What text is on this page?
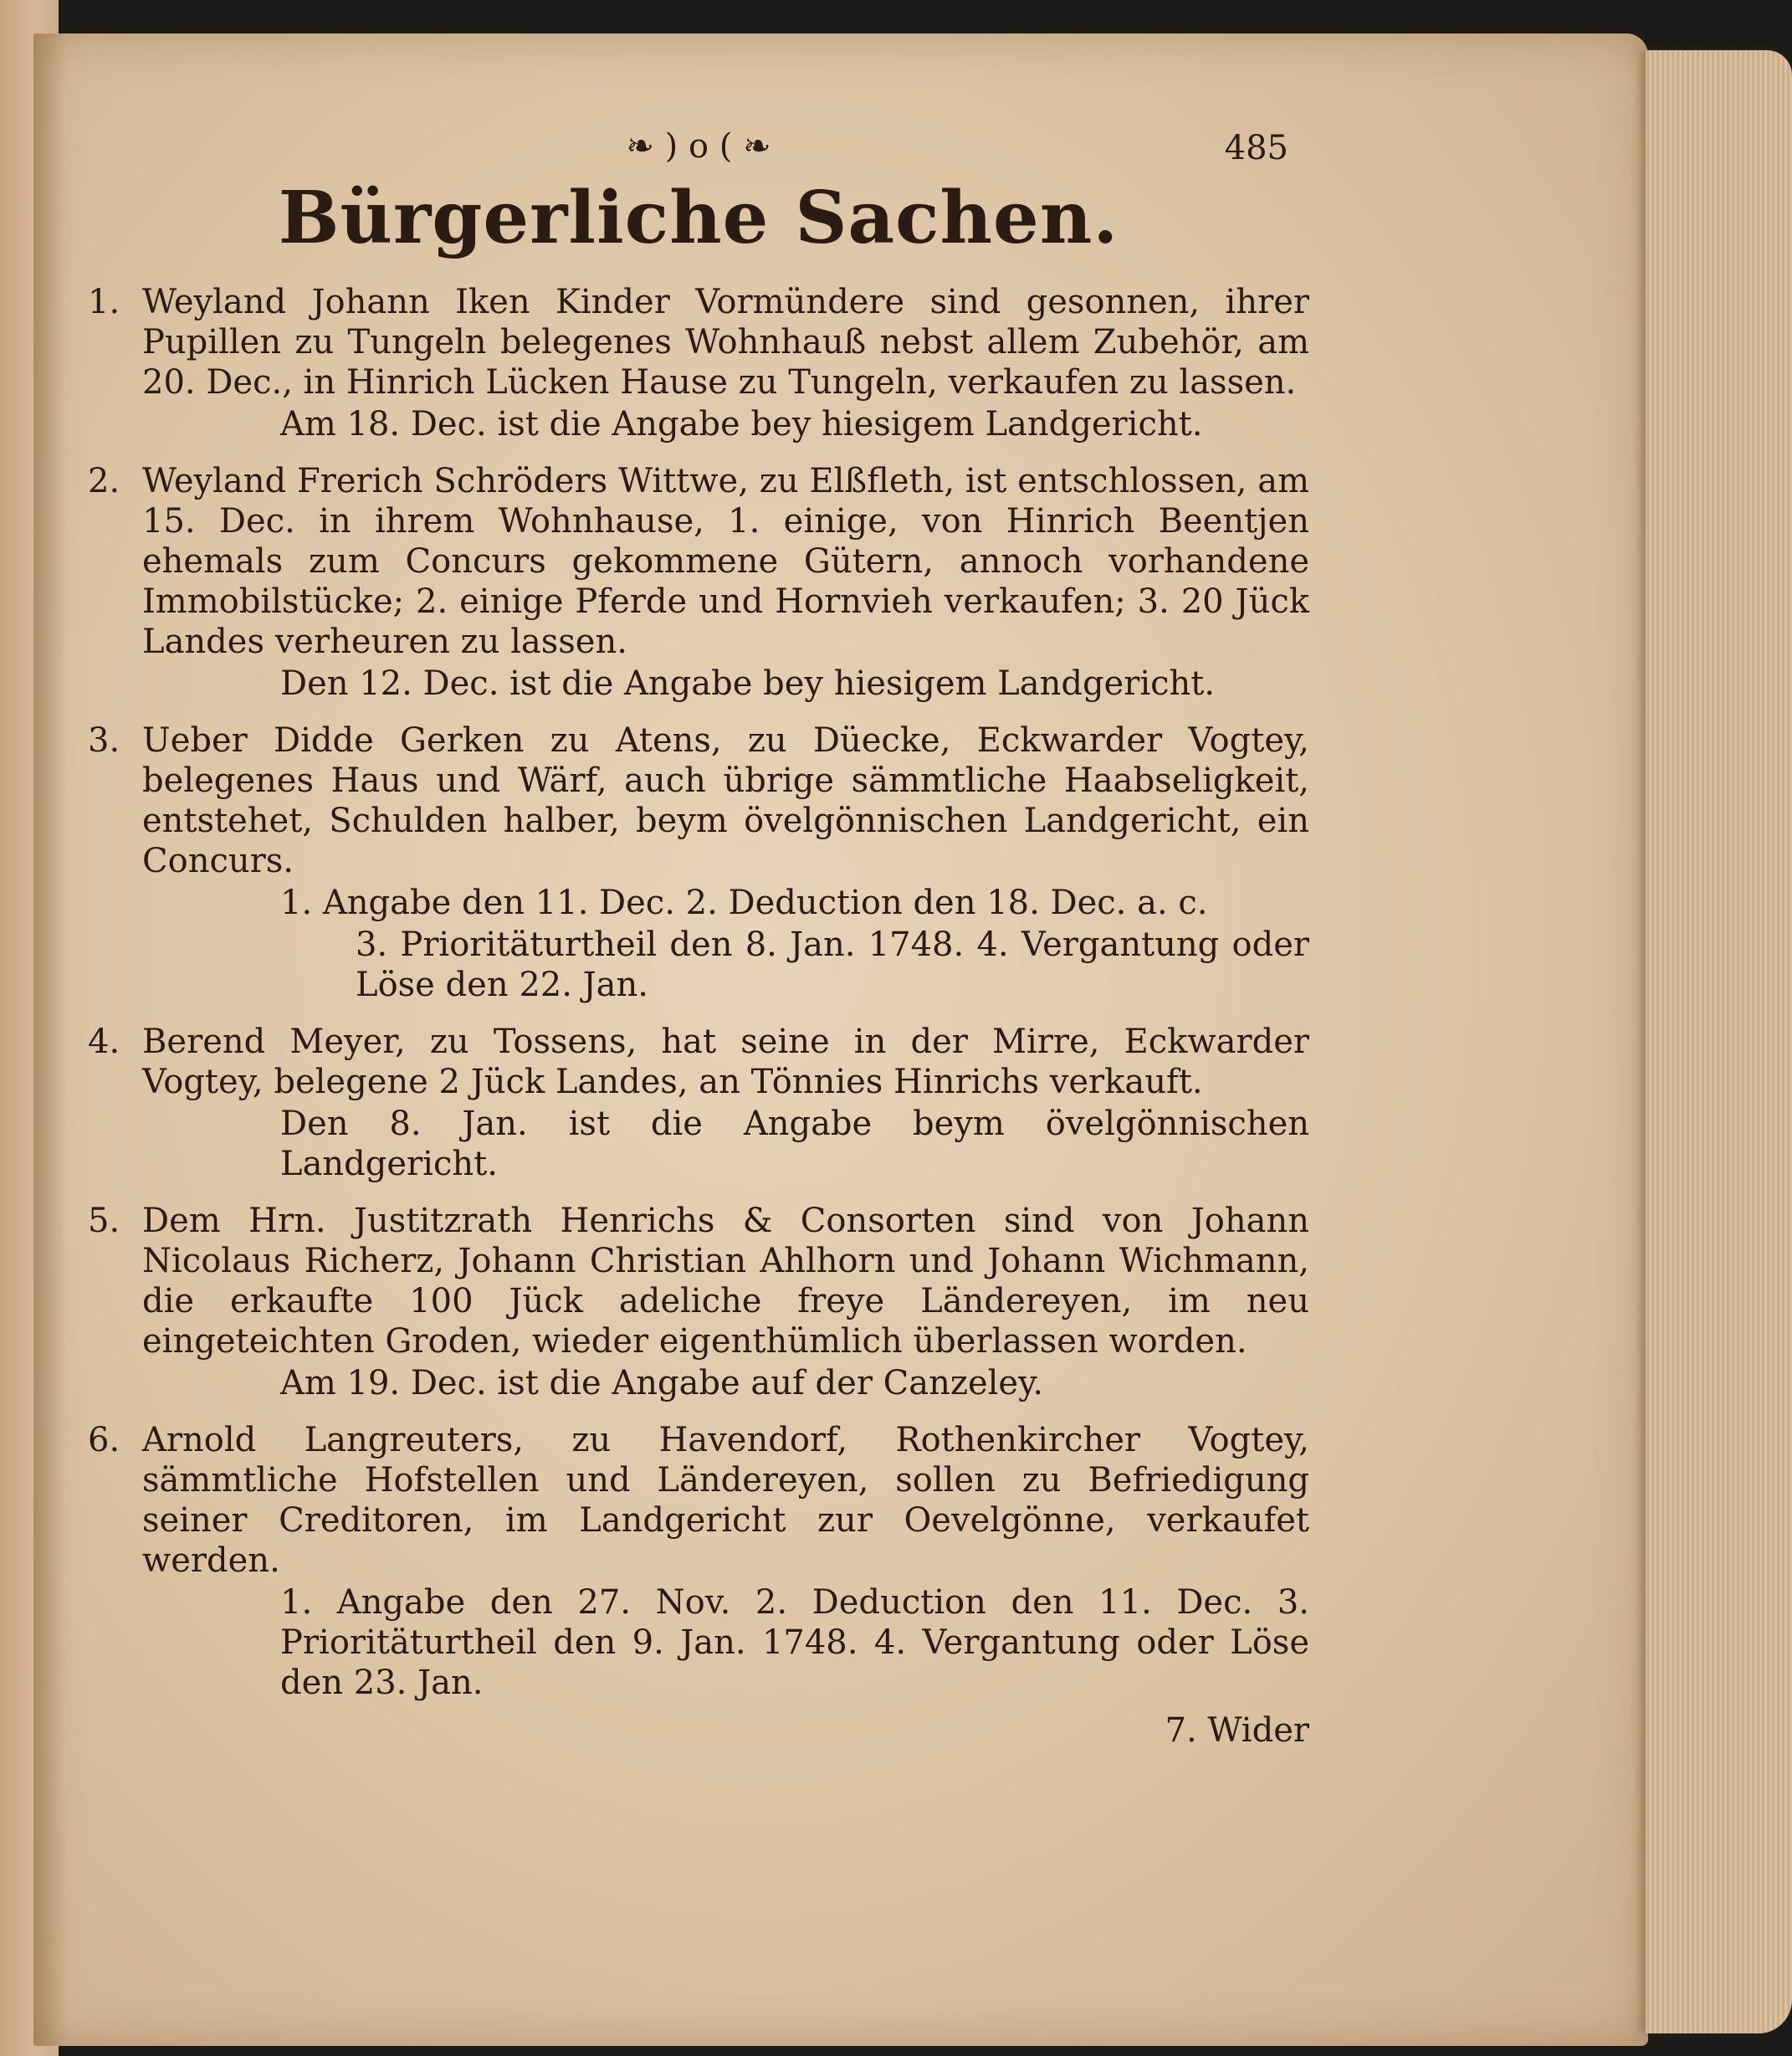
❧ ) o ( ❧	485
Bürgerliche Sachen.
1. Weyland Johann Iken Kinder Vormündere sind gesonnen, ihrer Pupillen zu Tungeln belegenes Wohnhauß nebst allem Zubehör, am 20. Dec., in Hinrich Lücken Hause zu Tungeln, verkaufen zu lassen.
Am 18. Dec. ist die Angabe bey hiesigem Landgericht.
2. Weyland Frerich Schröders Wittwe, zu Elßfleth, ist entschlossen, am 15. Dec. in ihrem Wohnhause, 1. einige, von Hinrich Beentjen ehemals zum Concurs gekommene Gütern, annoch vorhandene Immobilstücke; 2. einige Pferde und Hornvieh verkaufen; 3. 20 Jück Landes verheuren zu lassen.
Den 12. Dec. ist die Angabe bey hiesigem Landgericht.
3. Ueber Didde Gerken zu Atens, zu Düecke, Eckwarder Vogtey, belegenes Haus und Wärf, auch übrige sämmtliche Haabseligkeit, entstehet, Schulden halber, beym övelgönnischen Landgericht, ein Concurs.
1. Angabe den 11. Dec. 2. Deduction den 18. Dec. a. c.
3. Prioritäturtheil den 8. Jan. 1748. 4. Vergantung oder Löse den 22. Jan.
4. Berend Meyer, zu Tossens, hat seine in der Mirre, Eckwarder Vogtey, belegene 2 Jück Landes, an Tönnies Hinrichs verkauft.
Den 8. Jan. ist die Angabe beym övelgönnischen Landgericht.
5. Dem Hrn. Justitzrath Henrichs & Consorten sind von Johann Nicolaus Richerz, Johann Christian Ahlhorn und Johann Wichmann, die erkaufte 100 Jück adeliche freye Ländereyen, im neu eingeteichten Groden, wieder eigenthümlich überlassen worden.
Am 19. Dec. ist die Angabe auf der Canzeley.
6. Arnold Langreuters, zu Havendorf, Rothenkircher Vogtey, sämmtliche Hofstellen und Ländereyen, sollen zu Befriedigung seiner Creditoren, im Landgericht zur Oevelgönne, verkaufet werden.
1. Angabe den 27. Nov. 2. Deduction den 11. Dec. 3. Prioritäturtheil den 9. Jan. 1748. 4. Vergantung oder Löse den 23. Jan.
7. Wider
